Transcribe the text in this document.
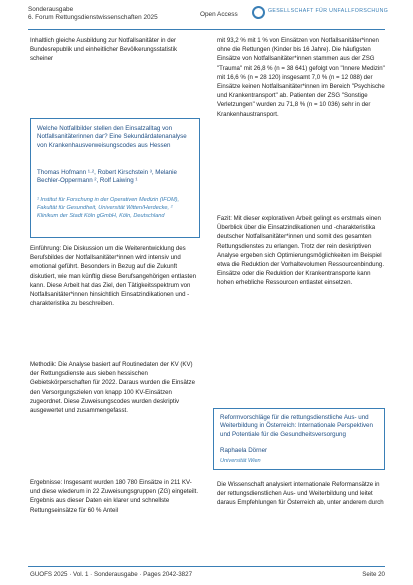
Sonderausgabe
6. Forum Rettungsdienstwissenschaften 2025	Open Access	GESELLSCHAFT FÜR UNFALLFORSCHUNG
Inhaltlich gleiche Ausbildung zur Notfallsanitäter in der Bundesrepublik und einheitlicher Bevölkerungsstatistik scheiner
Welche Notfallbilder stellen den Einsatzalltag von Notfallsanitäterinnen dar? Eine Sekundärdatenanalyse von Krankenhausverweisungscodes aus Hessen
Thomas Hofmann ¹·², Robert Kirschstein ³, Melanie Bechler-Oppermann ², Rolf Laiwing ¹
¹ Institut für Forschung in der Operativen Medizin (IFOM), Fakultät für Gesundheit, Universität Witten/Herdecke, ² Klinikum der Stadt Köln gGmbH, Köln, Deutschland
Einführung: Die Diskussion um die Weiterentwicklung des Berufsbildes der Notfallsanitäter*innen wird intensiv und emotional geführt. Besonders in Bezug auf die Zukunft diskutiert, wie man künftig diese Berufsangehörigen entlasten kann. Diese Arbeit hat das Ziel, den Tätigkeitsspektrum von Notfallsanitäter*innen hinsichtlich Einsatzindikationen und -charakteristika zu beschreiben.
Methodik: Die Analyse basiert auf Routinedaten der KV (KV) der Rettungsdienste aus sieben hessischen Gebietskörperschaften für 2022. Daraus wurden die Einsätze den Versorgungszielen von knapp 100 KV-Einsätzen zugeordnet. Diese Zuweisungscodes wurden deskriptiv ausgewertet und zusammengefasst.
Ergebnisse: Insgesamt wurden 180 780 Einsätze in 211 KV- und diese wiederum in 22 Zuweisungsgruppen (ZG) eingeteilt. Ergebnis aus dieser Daten ein klarer und schnellste Rettungseinsätze für 60 % Anteil
mit 93,2 % mit 1 % von Einsätzen von Notfallsanitäter*innen ohne die Rettungen (Kinder bis 16 Jahre). Die häufigsten Einsätze von Notfallsanitäter*innen stammen aus der ZSG "Trauma" mit 26,8 % (n = 38 641) gefolgt von "Innere Medizin" mit 16,6 % (n = 28 120) insgesamt 7,0 % (n = 12 088) der Einsätze keinen Notfallsanitäter*innen im Bereich "Psychische und Krankentransport" ab. Patienten der ZSG "Sonstige Verletzungen" wurden zu 71,8 % (n = 10 036) sehr in der Krankenhaustransport.
Fazit: Mit dieser explorativen Arbeit gelingt es erstmals einen Überblick über die Einsatzindikationen und -charakteristika deutscher Notfallsanitäter*innen und somit des gesamten Rettungsdienstes zu erlangen. Trotz der rein deskriptiven Analyse ergeben sich Optimierungsmöglichkeiten im Beispiel etwa die Reduktion der Vorhaltevolumen Ressourcenbindung. Einsätze oder die Reduktion der Krankentransporte kann hohen erhebliche Ressourcen entlastet einsetzen.
Reformvorschläge für die rettungsdienstliche Aus- und Weiterbildung in Österreich: Internationale Perspektiven und Potentiale für die Gesundheitsversorgung
Raphaela Dörner
Universität Wien
Die Wissenschaft analysiert internationale Reformansätze in der rettungsdienstlichen Aus- und Weiterbildung und leitet daraus Empfehlungen für Österreich ab, unter anderem durch
GUOFS 2025 · Vol. 1 · Sonderausgabe · Pages 2042-3827	Seite 20
